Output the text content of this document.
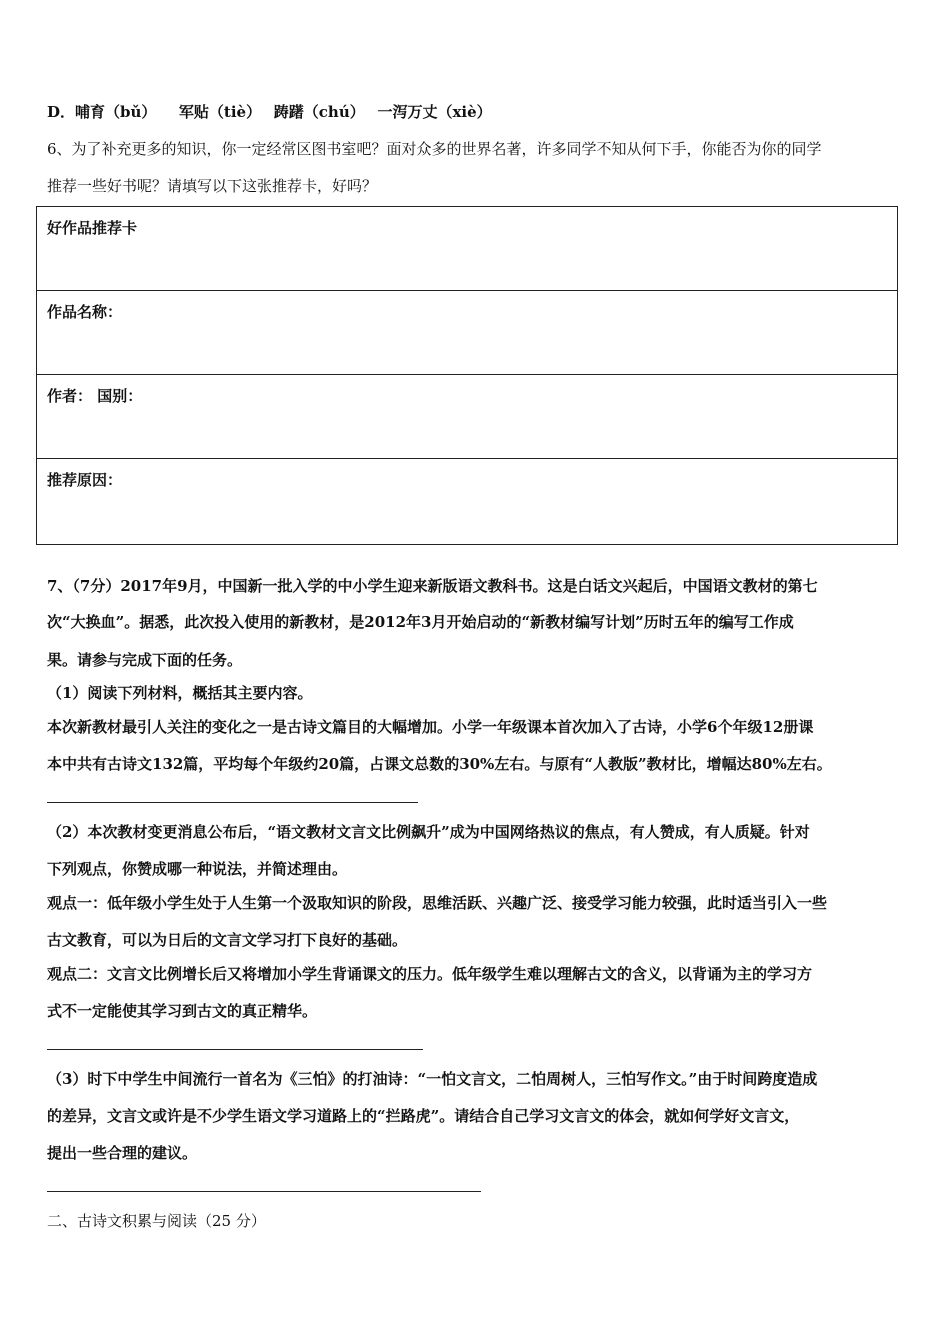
D．哺育（bǔ）　　军贴（tiè）　 踌躇（chú）　 一泻万丈（xiè）
6、为了补充更多的知识，你一定经常区图书室吧？面对众多的世界名著，许多同学不知从何下手，你能否为你的同学
推荐一些好书呢？请填写以下这张推荐卡，好吗？
好作品推荐卡
作品名称：
作者： 国别：
推荐原因：
7、（7分）2017年9月，中国新一批入学的中小学生迎来新版语文教科书。这是白话文兴起后，中国语文教材的第七
次“大换血”。据悉，此次投入使用的新教材，是2012年3月开始启动的“新教材编写计划”历时五年的编写工作成
果。请参与完成下面的任务。
（1）阅读下列材料，概括其主要内容。
本次新教材最引人关注的变化之一是古诗文篇目的大幅增加。小学一年级课本首次加入了古诗，小学6个年级12册课
本中共有古诗文132篇，平均每个年级约20篇，占课文总数的30%左右。与原有“人教版”教材比，增幅达80%左右。
（2）本次教材变更消息公布后，“语文教材文言文比例飙升”成为中国网络热议的焦点，有人赞成，有人质疑。针对
下列观点，你赞成哪一种说法，并简述理由。
观点一：低年级小学生处于人生第一个汲取知识的阶段，思维活跃、兴趣广泛、接受学习能力较强，此时适当引入一些
古文教育，可以为日后的文言文学习打下良好的基础。
观点二：文言文比例增长后又将增加小学生背诵课文的压力。低年级学生难以理解古文的含义，以背诵为主的学习方
式不一定能使其学习到古文的真正精华。
（3）时下中学生中间流行一首名为《三怕》的打油诗：“一怕文言文，二怕周树人，三怕写作文。”由于时间跨度造成
的差异，文言文或许是不少学生语文学习道路上的“拦路虎”。请结合自己学习文言文的体会，就如何学好文言文，
提出一些合理的建议。
二、古诗文积累与阅读（25 分）
